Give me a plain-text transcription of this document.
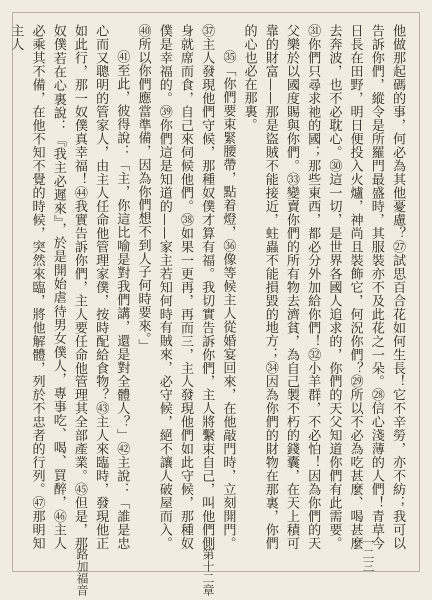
他做那起碼的事，何必為其他憂慮？㉗試思百合花如何生長！它不辛勞，亦不紡；我可以告訴你們，縱令是所羅門最盛時，其服裝亦不及此花之一朵。㉘信心淺薄的人們！青草今日長在田野，明日便投入火爐，神尚且裝飾它，何況你們？㉙所以不必為吃甚麼、喝甚麼去奔波，也不必耽心。㉚這一切，是世界各國人追求的，你們的天父知道你們有此需要。㉛你們只尋求祂的國；那些東西，都必分外加給你們！㉜小羊群，不必怕！因為你們的天父樂於以國度賜與你們。㉝變賣你們的所有物去濟貧，為自己製不朽的錢囊，在天上積可靠的財富——那是盜賊不能接近，蛀蟲不能損毀的地方；㉞因為你們的財物在那裏，你們的心也必在那裏。

㉟「你們要束緊腰帶，點着燈，㊱像等候主人從婚宴回來，在他敲門時，立刻開門。㊲主人發現他們守候，那種奴僕才算有福。我切實告訴你們，主人將繫束自己，叫他們側身就席而食，自己來伺候他們。㊳如果一更再，再而三，主人發現他們如此守候，那種奴僕是幸福的。㊴你們這是知道的——家主若知何時有賊來，必守候，絕不讓人破屋而入。㊵所以你們應當準備，因為你們想不到人子何時要來。」

㊶至此，彼得說：「主，你這比喻是對我們講，還是對全體人？」㊷主說：「誰是忠心而又聰明的管家人，由主人任命他管理家僕，按時配給食物？㊸主人來臨時，發現他正如此行，那一奴僕真幸福！㊹我實告訴你們，主人要任命他管理其全部產業。㊺但是，那奴僕若在心裏說：『我主必遲來』，於是開始虐待男女僕人，專事吃、喝、買醉，㊻主人必乘其不備，在他不知不覺的時候，突然來臨，將他解體，列於不忠者的行列。㊼那明知主人

路加福音	第十二章	一二三
